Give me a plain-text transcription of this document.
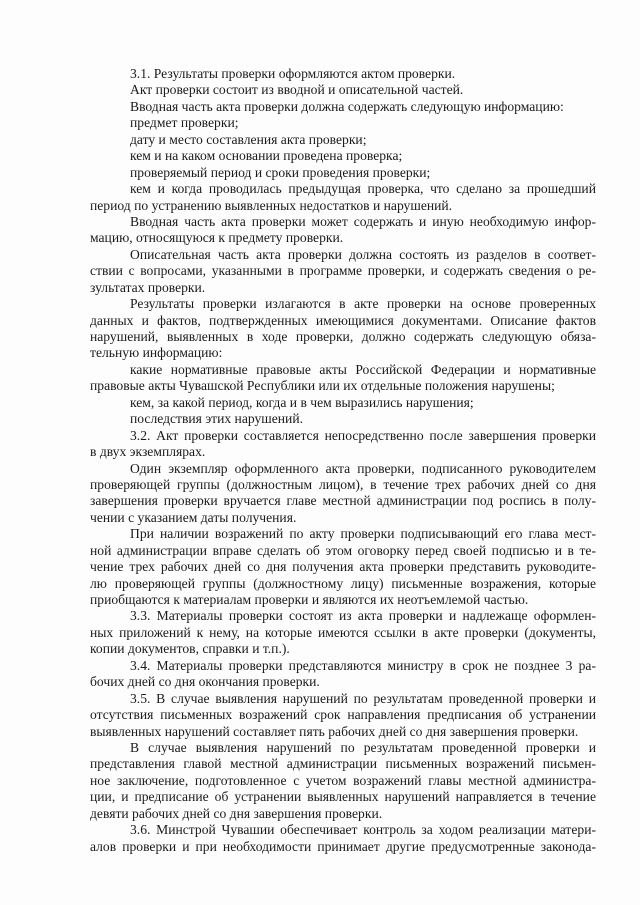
3.1. Результаты проверки оформляются актом проверки.
Акт проверки состоит из вводной и описательной частей.
Вводная часть акта проверки должна содержать следующую информацию:
предмет проверки;
дату и место составления акта проверки;
кем и на каком основании проведена проверка;
проверяемый период и сроки проведения проверки;
кем и когда проводилась предыдущая проверка, что сделано за прошедший
период по устранению выявленных недостатков и нарушений.
Вводная часть акта проверки может содержать и иную необходимую инфор-
мацию, относящуюся к предмету проверки.
Описательная часть акта проверки должна состоять из разделов в соответ-
ствии с вопросами, указанными в программе проверки, и содержать сведения о ре-
зультатах проверки.
Результаты проверки излагаются в акте проверки на основе проверенных
данных и фактов, подтвержденных имеющимися документами. Описание фактов
нарушений, выявленных в ходе проверки, должно содержать следующую обяза-
тельную информацию:
какие нормативные правовые акты Российской Федерации и нормативные
правовые акты Чувашской Республики или их отдельные положения нарушены;
кем, за какой период, когда и в чем выразились нарушения;
последствия этих нарушений.
3.2. Акт проверки составляется непосредственно после завершения проверки
в двух экземплярах.
Один экземпляр оформленного акта проверки, подписанного руководителем
проверяющей группы (должностным лицом), в течение трех рабочих дней со дня
завершения проверки вручается главе местной администрации под роспись в полу-
чении с указанием даты получения.
При наличии возражений по акту проверки подписывающий его глава мест-
ной администрации вправе сделать об этом оговорку перед своей подписью и в те-
чение трех рабочих дней со дня получения акта проверки представить руководите-
лю проверяющей группы (должностному лицу) письменные возражения, которые
приобщаются к материалам проверки и являются их неотъемлемой частью.
3.3. Материалы проверки состоят из акта проверки и надлежаще оформлен-
ных приложений к нему, на которые имеются ссылки в акте проверки (документы,
копии документов, справки и т.п.).
3.4. Материалы проверки представляются министру в срок не позднее 3 ра-
бочих дней со дня окончания проверки.
3.5. В случае выявления нарушений по результатам проведенной проверки и
отсутствия письменных возражений срок направления предписания об устранении
выявленных нарушений составляет пять рабочих дней со дня завершения проверки.
В случае выявления нарушений по результатам проведенной проверки и
представления главой местной администрации письменных возражений письмен-
ное заключение, подготовленное с учетом возражений главы местной администра-
ции, и предписание об устранении выявленных нарушений направляется в течение
девяти рабочих дней со дня завершения проверки.
3.6. Минстрой Чувашии обеспечивает контроль за ходом реализации матери-
алов проверки и при необходимости принимает другие предусмотренные законода-
